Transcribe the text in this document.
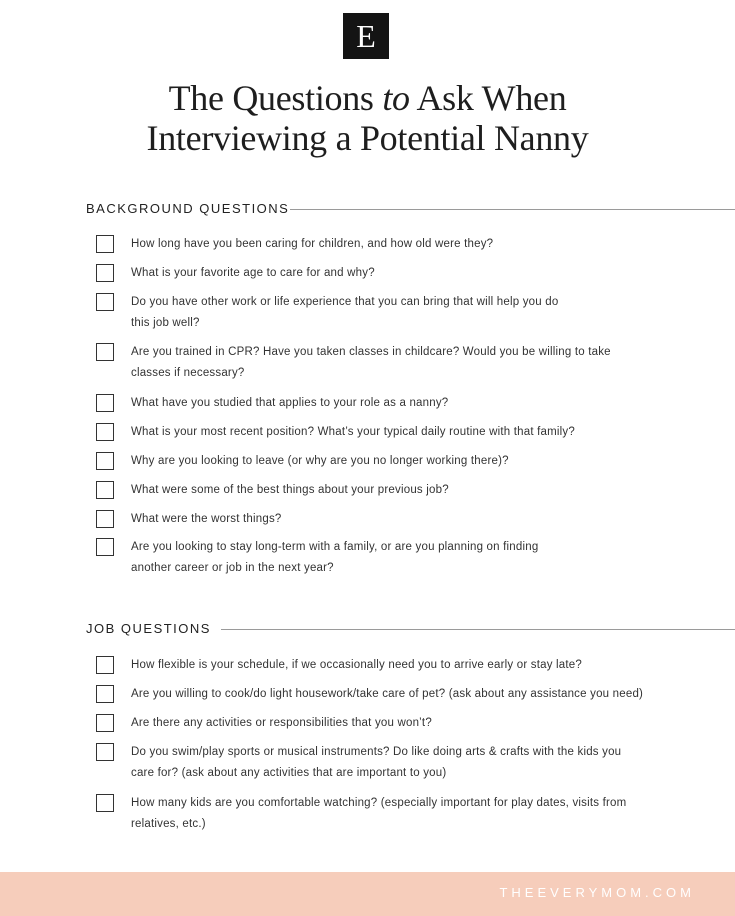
E
The Questions to Ask When
Interviewing a Potential Nanny
BACKGROUND QUESTIONS
How long have you been caring for children, and how old were they?
What is your favorite age to care for and why?
Do you have other work or life experience that you can bring that will help you do
this job well?
Are you trained in CPR? Have you taken classes in childcare? Would you be willing to take
classes if necessary?
What have you studied that applies to your role as a nanny?
What is your most recent position? What’s your typical daily routine with that family?
Why are you looking to leave (or why are you no longer working there)?
What were some of the best things about your previous job?
What were the worst things?
Are you looking to stay long-term with a family, or are you planning on finding
another career or job in the next year?
JOB QUESTIONS
How flexible is your schedule, if we occasionally need you to arrive early or stay late?
Are you willing to cook/do light housework/take care of pet? (ask about any assistance you need)
Are there any activities or responsibilities that you won’t?
Do you swim/play sports or musical instruments? Do like doing arts & crafts with the kids you
care for? (ask about any activities that are important to you)
How many kids are you comfortable watching? (especially important for play dates, visits from
relatives, etc.)
THEEVERYMOM.COM
